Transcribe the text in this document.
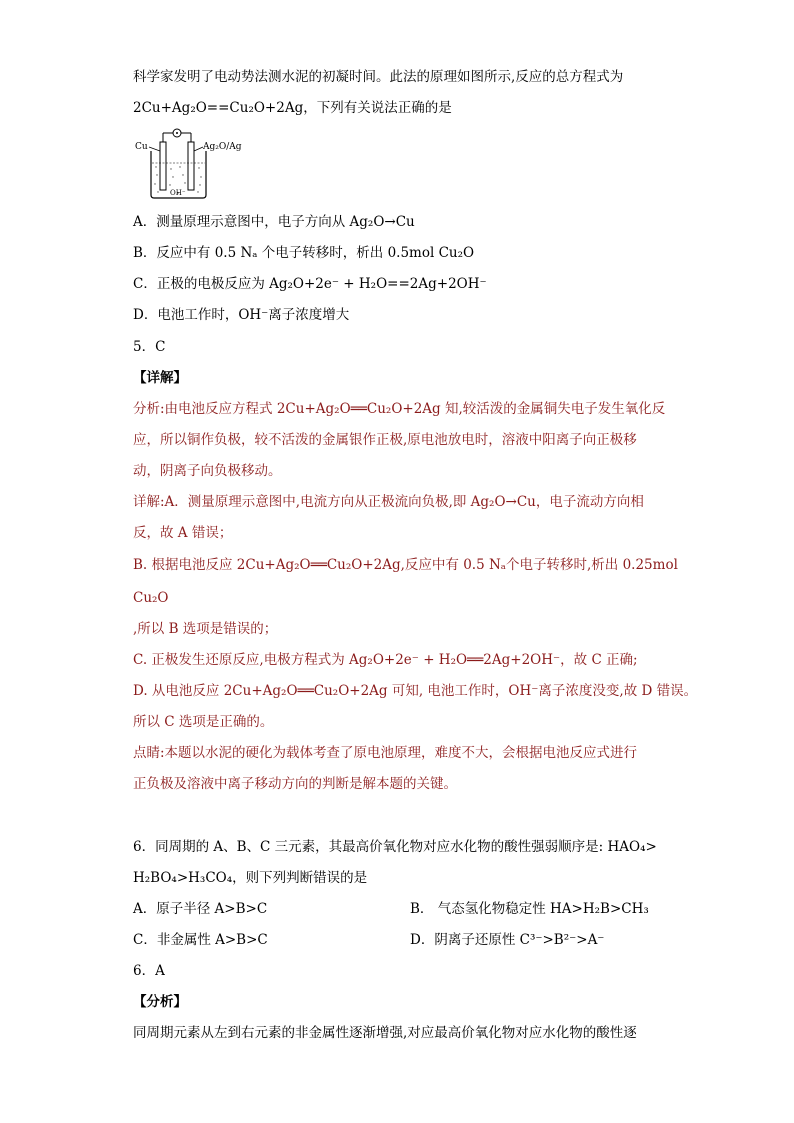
科学家发明了电动势法测水泥的初凝时间。此法的原理如图所示,反应的总方程式为
2Cu+Ag₂O==Cu₂O+2Ag，下列有关说法正确的是
Cu	Ag₂O/Ag
OH⁻
A．测量原理示意图中，电子方向从 Ag₂O→Cu
B．反应中有 0.5 Nₐ 个电子转移时，析出 0.5mol Cu₂O
C．正极的电极反应为 Ag₂O+2e⁻ + H₂O==2Ag+2OH⁻
D．电池工作时，OH⁻离子浓度增大
5．C
【详解】
分析:由电池反应方程式 2Cu+Ag₂O══Cu₂O+2Ag 知,较活泼的金属铜失电子发生氧化反
应，所以铜作负极，较不活泼的金属银作正极,原电池放电时，溶液中阳离子向正极移
动，阴离子向负极移动。
详解:A．测量原理示意图中,电流方向从正极流向负极,即 Ag₂O→Cu，电子流动方向相
反，故 A 错误；
B. 根据电池反应 2Cu+Ag₂O══Cu₂O+2Ag,反应中有 0.5 Nₐ个电子转移时,析出 0.25mol
Cu₂O
,所以 B 选项是错误的；
C. 正极发生还原反应,电极方程式为 Ag₂O+2e⁻ + H₂O══2Ag+2OH⁻，故 C 正确;
D. 从电池反应 2Cu+Ag₂O══Cu₂O+2Ag 可知, 电池工作时，OH⁻离子浓度没变,故 D 错误。
所以 C 选项是正确的。
点睛:本题以水泥的硬化为载体考查了原电池原理，难度不大，会根据电池反应式进行
正负极及溶液中离子移动方向的判断是解本题的关键。
6．同周期的 A、B、C 三元素，其最高价氧化物对应水化物的酸性强弱顺序是: HAO₄>
H₂BO₄>H₃CO₄，则下列判断错误的是
A．原子半径 A>B>C	B． 气态氢化物稳定性 HA>H₂B>CH₃
C．非金属性 A>B>C	D．阴离子还原性 C³⁻>B²⁻>A⁻
6．A
【分析】
同周期元素从左到右元素的非金属性逐渐增强,对应最高价氧化物对应水化物的酸性逐
